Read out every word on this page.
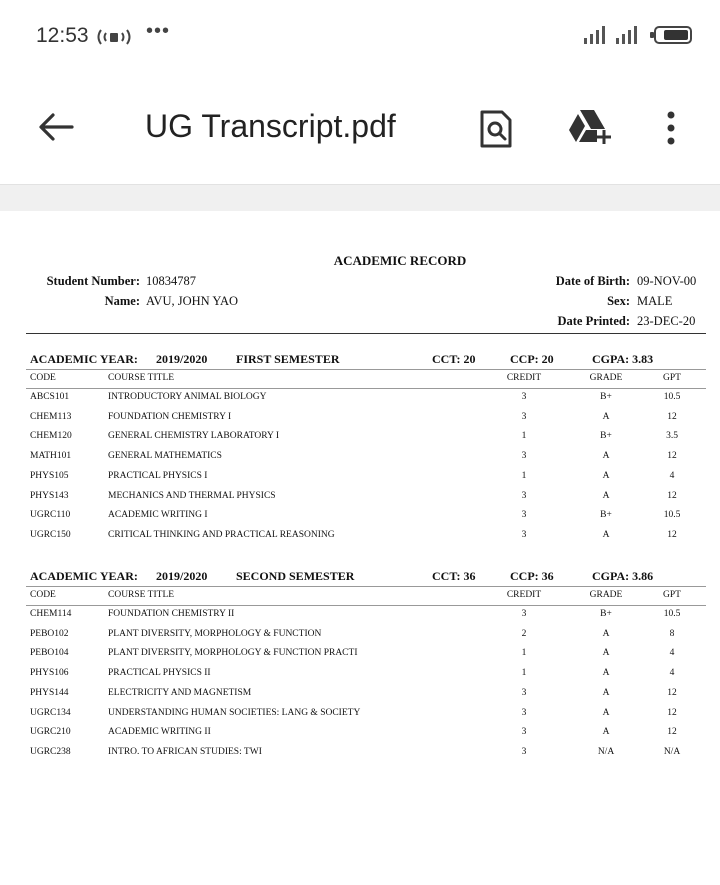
12:53	•••
UG Transcript.pdf
ACADEMIC RECORD
Student Number: 10834787
Name: AVU, JOHN YAO
Date of Birth: 09-NOV-00
Sex: MALE
Date Printed: 23-DEC-20
ACADEMIC YEAR: 2019/2020 FIRST SEMESTER	CCT: 20	CCP: 20	CGPA: 3.83
CODE	COURSE TITLE	CREDIT	GRADE	GPT
ABCS101	INTRODUCTORY ANIMAL BIOLOGY	3	B+	10.5
CHEM113	FOUNDATION CHEMISTRY I	3	A	12
CHEM120	GENERAL CHEMISTRY LABORATORY I	1	B+	3.5
MATH101	GENERAL MATHEMATICS	3	A	12
PHYS105	PRACTICAL PHYSICS I	1	A	4
PHYS143	MECHANICS AND THERMAL PHYSICS	3	A	12
UGRC110	ACADEMIC WRITING I	3	B+	10.5
UGRC150	CRITICAL THINKING AND PRACTICAL REASONING	3	A	12
ACADEMIC YEAR: 2019/2020 SECOND SEMESTER	CCT: 36	CCP: 36	CGPA: 3.86
CODE	COURSE TITLE	CREDIT	GRADE	GPT
CHEM114	FOUNDATION CHEMISTRY II	3	B+	10.5
PEBO102	PLANT DIVERSITY, MORPHOLOGY & FUNCTION	2	A	8
PEBO104	PLANT DIVERSITY, MORPHOLOGY & FUNCTION PRACTI	1	A	4
PHYS106	PRACTICAL PHYSICS II	1	A	4
PHYS144	ELECTRICITY AND MAGNETISM	3	A	12
UGRC134	UNDERSTANDING HUMAN SOCIETIES: LANG & SOCIETY	3	A	12
UGRC210	ACADEMIC WRITING II	3	A	12
UGRC238	INTRO. TO AFRICAN STUDIES: TWI	3	N/A	N/A
